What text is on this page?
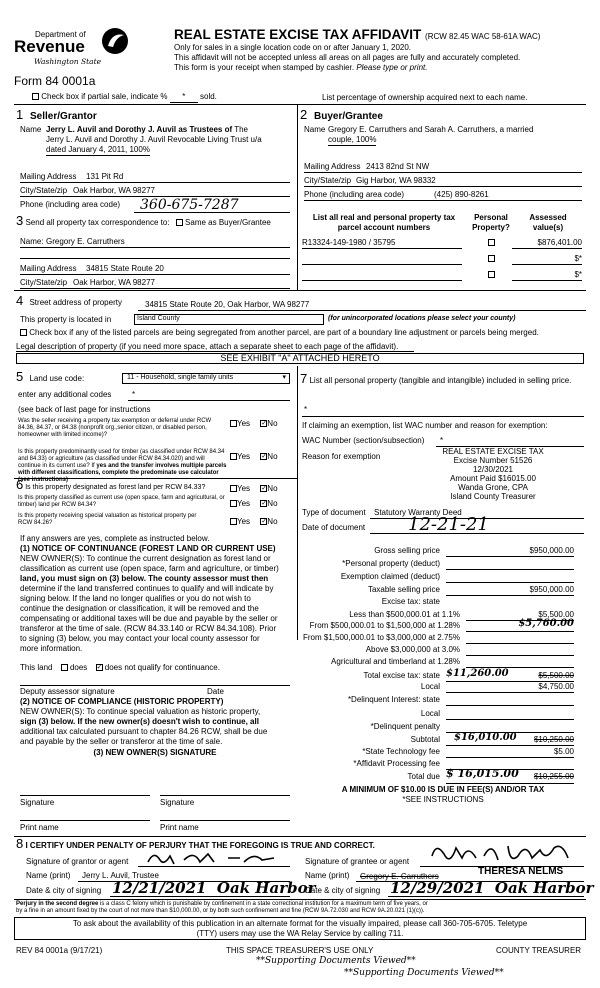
Department of
Revenue
Washington State
Form 84 0001a
REAL ESTATE EXCISE TAX AFFIDAVIT (RCW 82.45 WAC 58-61A WAC)
Only for sales in a single location code on or after January 1, 2020.
This affidavit will not be accepted unless all areas on all pages are fully and accurately completed.
This form is your receipt when stamped by cashier. Please type or print.
Check box if partial sale, indicate % * sold.	List percentage of ownership acquired next to each name.
1 Seller/Grantor
Name Jerry L. Auvil and Dorothy J. Auvil as Trustees of The
Jerry L. Auvil and Dorothy J. Auvil Revocable Living Trust u/a
dated January 4, 2011, 100%
Mailing Address 131 Pit Rd
City/State/zip Oak Harbor, WA 98277
Phone (including area code) 360-675-7287
2 Buyer/Grantee
Name Gregory E. Carruthers and Sarah A. Carruthers, a married
couple, 100%
Mailing Address 2413 82nd St NW
City/State/zip Gig Harbor, WA 98332
Phone (including area code)	(425) 890-8261
3 Send all property tax correspondence to: Same as Buyer/Grantee
Name: Gregory E. Carruthers
Mailing Address 34815 State Route 20
City/State/zip Oak Harbor, WA 98277
List all real and personal property tax
parcel account numbers
Personal
Property?
Assessed
value(s)
R13324-149-1980 / 35795	$876,401.00
$*
$*
4 Street address of property	34815 State Route 20, Oak Harbor, WA 98277
This property is located in	Island County	(for unincorporated locations please select your county)
Check box if any of the listed parcels are being segregated from another parcel, are part of a boundary line adjustment or parcels being merged.
Legal description of property (if you need more space, attach a separate sheet to each page of the affidavit).
SEE EXHIBIT "A" ATTACHED HERETO
5 Land use code:	11 - Household, single family units	▾
enter any additional codes	*
(see back of last page for instructions
Was the seller receiving a property tax exemption or deferral under RCW 84.36, 84.37, or 84.38 (nonprofit org.,senior citizen, or disabled person, homeowner with limited income)?
Yes ✓No
Is this property predominantly used for timber (as classified under RCW 84.34 and 84.33) or agriculture (as classified under RCW 84.34.020) and will continue in its current use? If yes and the transfer involves multiple parcels with different classifications, complete the predominate use calculator (see instructions)
Yes ✓No
6 Is this property designated as forest land per RCW 84.33?	Yes ✓No
Is this property classified as current use (open space, farm and agricultural, or timber) land per RCW 84.34?	Yes ✓No
Is this property receiving special valuation as historical property per RCW 84.26?	Yes ✓No
If any answers are yes, complete as instructed below.
(1) NOTICE OF CONTINUANCE (FOREST LAND OR CURRENT USE)
NEW OWNER(S): To continue the current designation as forest land or
classification as current use (open space, farm and agriculture, or timber)
land, you must sign on (3) below. The county assessor must then
determine if the land transferred continues to qualify and will indicate by
signing below. If the land no longer qualifies or you do not wish to
continue the designation or classification, it will be removed and the
compensating or additional taxes will be due and payable by the seller or
transferor at the time of sale. (RCW 84.33.140 or RCW 84.34.108). Prior
to signing (3) below, you may contact your local county assessor for
more information.
This land does ✓ does not qualify for continuance.
Deputy assessor signature	Date
(2) NOTICE OF COMPLIANCE (HISTORIC PROPERTY)
NEW OWNER(S): To continue special valuation as historic property,
sign (3) below. If the new owner(s) doesn't wish to continue, all
additional tax calculated pursuant to chapter 84.26 RCW, shall be due
and payable by the seller or transferor at the time of sale.
(3) NEW OWNER(S) SIGNATURE
Signature	Signature
Print name	Print name
7 List all personal property (tangible and intangible) included in selling price.
*
If claiming an exemption, list WAC number and reason for exemption:
WAC Number (section/subsection) *
Reason for exemption
REAL ESTATE EXCISE TAX
Excise Number 51526
12/30/2021
Amount Paid $16015.00
Wanda Grone, CPA
Island County Treasurer
Type of document Statutory Warranty Deed
Date of document 12-21-21
Gross selling price	$950,000.00
*Personal property (deduct)
Exemption claimed (deduct)
Taxable selling price	$950,000.00
Excise tax: state
Less than $500,000.01 at 1.1%	$5,500.00
From $500,000.01 to $1,500,000 at 1.28%	$5,760.00
From $1,500,000.01 to $3,000,000 at 2.75%
Above $3,000,000 at 3.0%
Agricultural and timberland at 1.28%
Total excise tax: state $11,260.00	$5,500.00
Local	$4,750.00
*Delinquent Interest: state
Local
*Delinquent penalty
Subtotal $16,010.00 $10,250.00
*State Technology fee	$5.00
*Affidavit Processing fee
Total due $ 16,015.00 $10,255.00
A MINIMUM OF $10.00 IS DUE IN FEE(S) AND/OR TAX
*SEE INSTRUCTIONS
8 I CERTIFY UNDER PENALTY OF PERJURY THAT THE FOREGOING IS TRUE AND CORRECT.
Signature of grantor or agent	Signature of grantee or agent
Name (print) Jerry L. Auvil, Trustee	Name (print) Gregory E. Carruthers	THERESA NELMS
Date & city of signing 12/21/2021  Oak Harbor
Date & city of signing 12/29/2021  Oak Harbor
Perjury in the second degree is a class C felony which is punishable by confinement in a state correctional institution for a maximum term of five years, or
by a fine in an amount fixed by the court of not more than $10,000.00, or by both such confinement and fine (RCW 9A.72.030 and RCW 9A.20.021 (1)(c)).
To ask about the availability of this publication in an alternate format for the visually impaired, please call 360-705-6705. Teletype
(TTY) users may use the WA Relay Service by calling 711.
REV 84 0001a (9/17/21)	THIS SPACE TREASURER'S USE ONLY	COUNTY TREASURER
**Supporting Documents Viewed**
**Supporting Documents Viewed**
